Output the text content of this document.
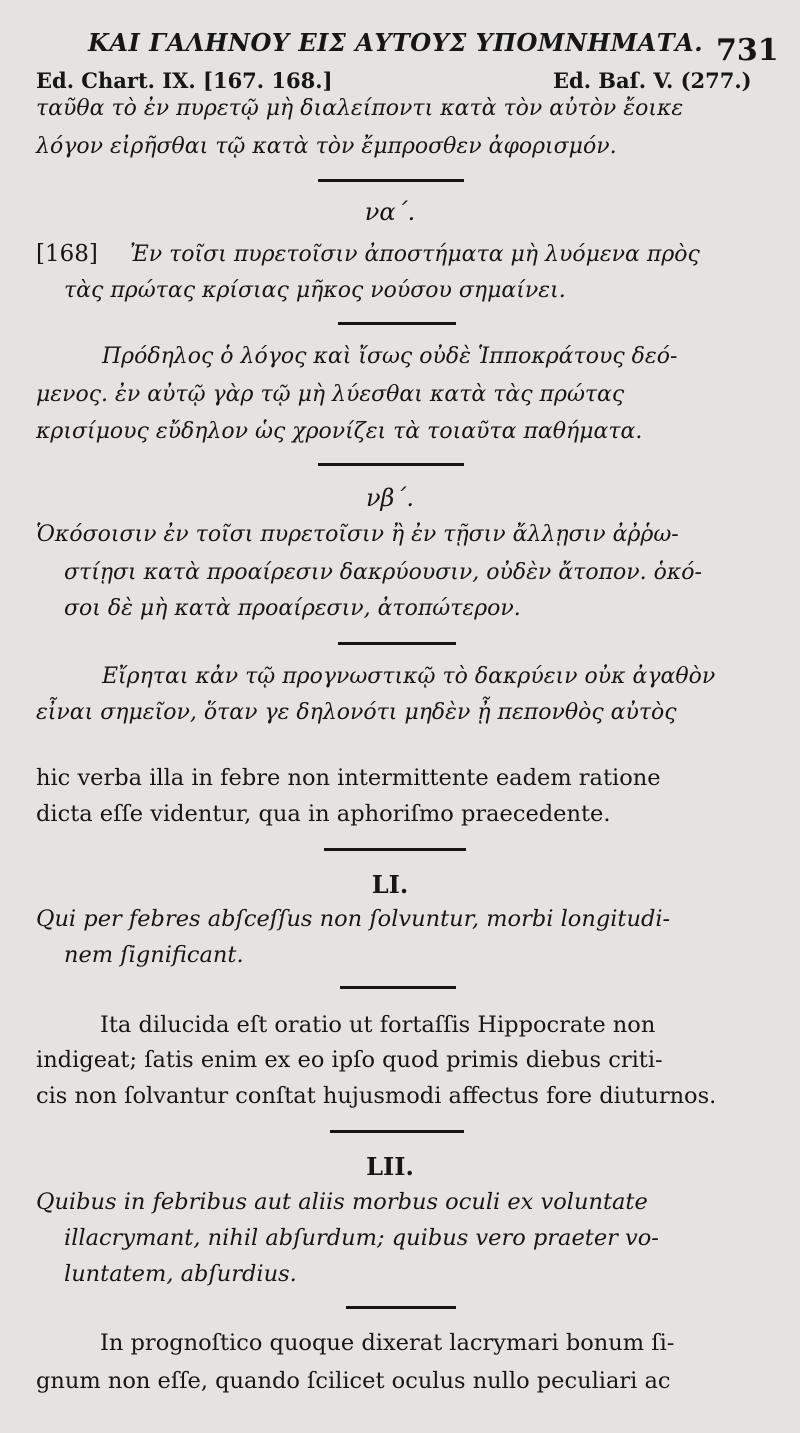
ΚΑΙ ΓΑΛΗΝΟΥ ΕΙΣ ΑΥΤΟΥΣ ΥΠΟΜΝΗΜΑΤΑ. 731
Ed. Chart. IX. [167. 168.]	Ed. Baſ. V. (277.)
ταῦθα τὸ ἐν πυρετῷ μὴ διαλείποντι κατὰ τὸν αὐτὸν ἔοικε
λόγον εἰρῆσθαι τῷ κατὰ τὸν ἔμπροσθεν ἀφορισμόν.
να΄.
[168] Ἐν τοῖσι πυρετοῖσιν ἀποστήματα μὴ λυόμενα πρὸς
τὰς πρώτας κρίσιας μῆκος νούσου σημαίνει.
Πρόδηλος ὁ λόγος καὶ ἴσως οὐδὲ Ἱπποκράτους δεό-
μενος. ἐν αὐτῷ γὰρ τῷ μὴ λύεσθαι κατὰ τὰς πρώτας
κρισίμους εὔδηλον ὡς χρονίζει τὰ τοιαῦτα παθήματα.
νβ΄.
Ὁκόσοισιν ἐν τοῖσι πυρετοῖσιν ἢ ἐν τῇσιν ἄλλῃσιν ἀῤῥω-
στίῃσι κατὰ προαίρεσιν δακρύουσιν, οὐδὲν ἄτοπον. ὁκό-
σοι δὲ μὴ κατὰ προαίρεσιν, ἀτοπώτερον.
Εἴρηται κἀν τῷ προγνωστικῷ τὸ δακρύειν οὐκ ἀγαθὸν
εἶναι σημεῖον, ὅταν γε δηλονότι μηδὲν ᾖ πεπονθὸς αὐτὸς
hic verba illa in febre non intermittente eadem ratione
dicta eſſe videntur, qua in aphoriſmo praecedente.
LI.
Qui per febres abſceſſus non ſolvuntur, morbi longitudi-
nem ſignificant.
Ita dilucida eſt oratio ut fortaſſis Hippocrate non
indigeat; ſatis enim ex eo ipſo quod primis diebus criti-
cis non ſolvantur conſtat hujusmodi affectus fore diuturnos.
LII.
Quibus in febribus aut aliis morbus oculi ex voluntate
illacrymant, nihil abſurdum; quibus vero praeter vo-
luntatem, abſurdius.
In prognoſtico quoque dixerat lacrymari bonum ſi-
gnum non eſſe, quando ſcilicet oculus nullo peculiari ac
